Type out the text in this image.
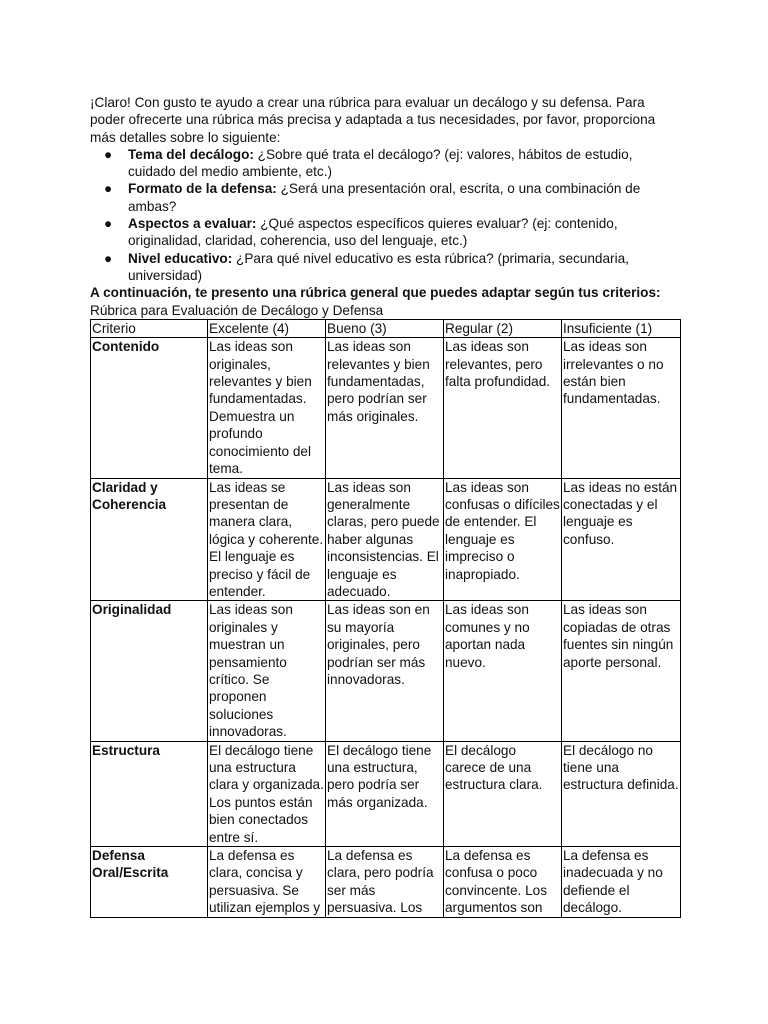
¡Claro! Con gusto te ayudo a crear una rúbrica para evaluar un decálogo y su defensa. Para poder ofrecerte una rúbrica más precisa y adaptada a tus necesidades, por favor, proporciona más detalles sobre lo siguiente:

● Tema del decálogo: ¿Sobre qué trata el decálogo? (ej: valores, hábitos de estudio, cuidado del medio ambiente, etc.)
● Formato de la defensa: ¿Será una presentación oral, escrita, o una combinación de ambas?
● Aspectos a evaluar: ¿Qué aspectos específicos quieres evaluar? (ej: contenido, originalidad, claridad, coherencia, uso del lenguaje, etc.)
● Nivel educativo: ¿Para qué nivel educativo es esta rúbrica? (primaria, secundaria, universidad)

A continuación, te presento una rúbrica general que puedes adaptar según tus criterios:

Rúbrica para Evaluación de Decálogo y Defensa

Criterio	Excelente (4)	Bueno (3)	Regular (2)	Insuficiente (1)
Contenido	Las ideas son originales, relevantes y bien fundamentadas. Demuestra un profundo conocimiento del tema.	Las ideas son relevantes y bien fundamentadas, pero podrían ser más originales.	Las ideas son relevantes, pero falta profundidad.	Las ideas son irrelevantes o no están bien fundamentadas.
Claridad y Coherencia	Las ideas se presentan de manera clara, lógica y coherente. El lenguaje es preciso y fácil de entender.	Las ideas son generalmente claras, pero puede haber algunas inconsistencias. El lenguaje es adecuado.	Las ideas son confusas o difíciles de entender. El lenguaje es impreciso o inapropiado.	Las ideas no están conectadas y el lenguaje es confuso.
Originalidad	Las ideas son originales y muestran un pensamiento crítico. Se proponen soluciones innovadoras.	Las ideas son en su mayoría originales, pero podrían ser más innovadoras.	Las ideas son comunes y no aportan nada nuevo.	Las ideas son copiadas de otras fuentes sin ningún aporte personal.
Estructura	El decálogo tiene una estructura clara y organizada. Los puntos están bien conectados entre sí.	El decálogo tiene una estructura, pero podría ser más organizada.	El decálogo carece de una estructura clara.	El decálogo no tiene una estructura definida.
Defensa Oral/Escrita	La defensa es clara, concisa y persuasiva. Se utilizan ejemplos y	La defensa es clara, pero podría ser más persuasiva. Los	La defensa es confusa o poco convincente. Los argumentos son	La defensa es inadecuada y no defiende el decálogo.
